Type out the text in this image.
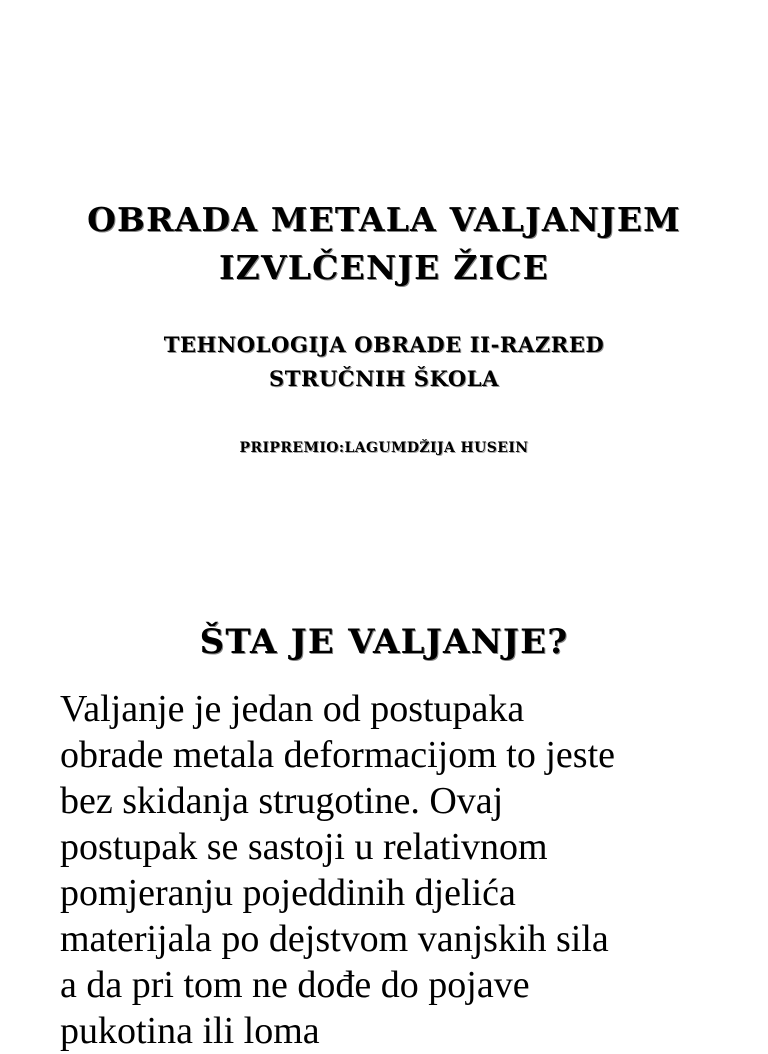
OBRADA METALA VALJANJEM
IZVLČENJE ŽICE
TEHNOLOGIJA OBRADE II-RAZRED
STRUČNIH ŠKOLA
PRIPREMIO:LAGUMDŽIJA HUSEIN
ŠTA JE VALJANJE?
Valjanje je jedan od postupaka
obrade metala deformacijom to jeste
bez skidanja strugotine. Ovaj
postupak se sastoji u relativnom
pomjeranju pojeddinih djelića
materijala po dejstvom vanjskih sila
a da pri tom ne dođe do pojave
pukotina ili loma
